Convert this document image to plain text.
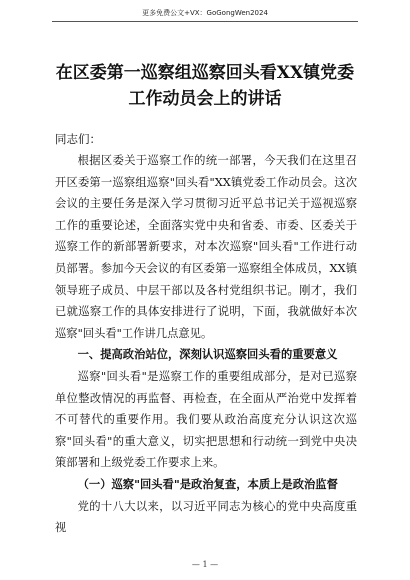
更多免费公文+VX：GoGongWen2024
在区委第一巡察组巡察回头看XX镇党委工作动员会上的讲话
同志们：

根据区委关于巡察工作的统一部署，今天我们在这里召开区委第一巡察组巡察"回头看"XX镇党委工作动员会。这次会议的主要任务是深入学习贯彻习近平总书记关于巡视巡察工作的重要论述，全面落实党中央和省委、市委、区委关于巡察工作的新部署新要求，对本次巡察"回头看"工作进行动员部署。参加今天会议的有区委第一巡察组全体成员，XX镇领导班子成员、中层干部以及各村党组织书记。刚才，我们已就巡察工作的具体安排进行了说明，下面，我就做好本次巡察"回头看"工作讲几点意见。

一、提高政治站位，深刻认识巡察回头看的重要意义

巡察"回头看"是巡察工作的重要组成部分，是对已巡察单位整改情况的再监督、再检查，在全面从严治党中发挥着不可替代的重要作用。我们要从政治高度充分认识这次巡察"回头看"的重大意义，切实把思想和行动统一到党中央决策部署和上级党委工作要求上来。

（一）巡察"回头看"是政治复查，本质上是政治监督

党的十八大以来，以习近平同志为核心的党中央高度重视

— 1 —
